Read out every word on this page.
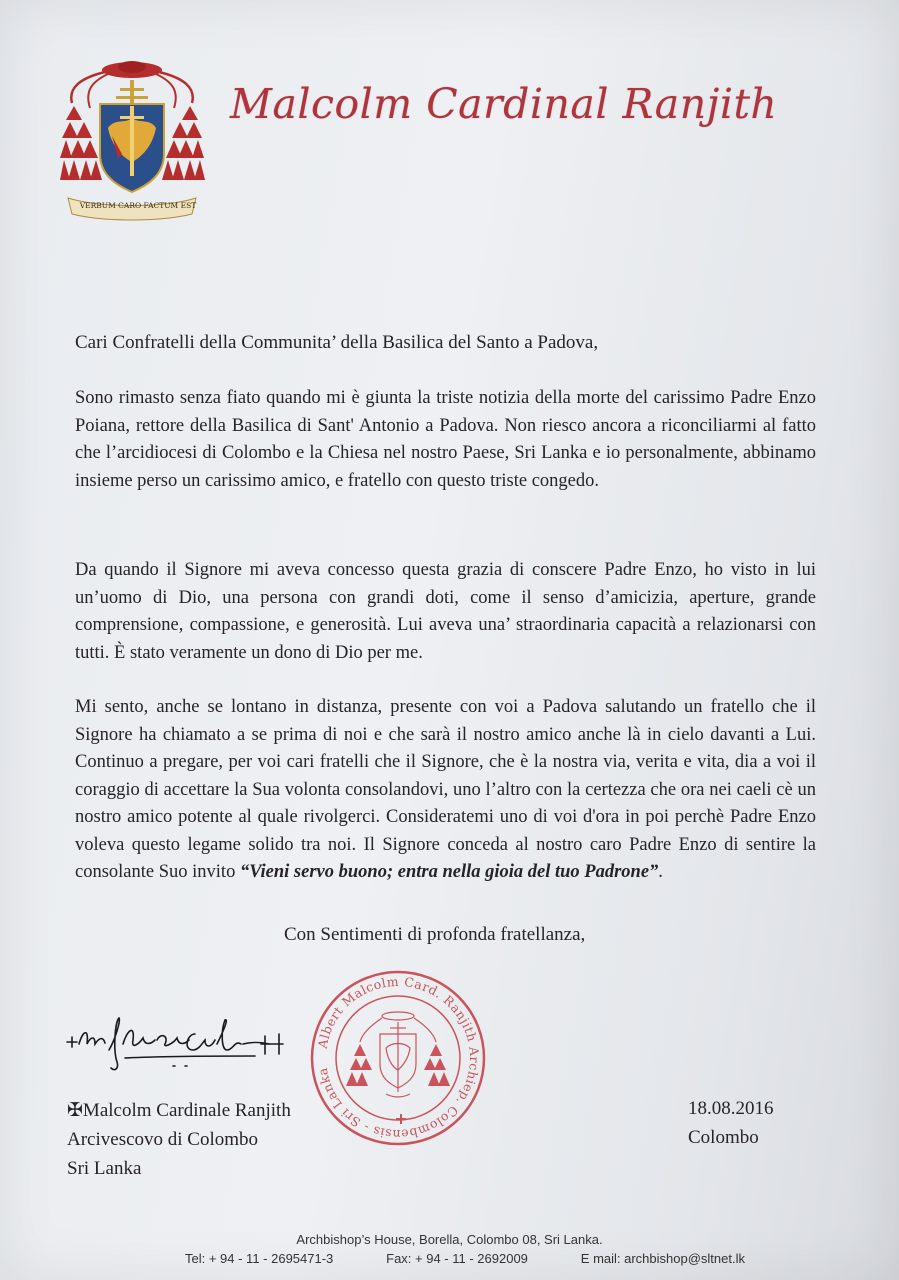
VERBUM CARO FACTUM EST
Malcolm Cardinal Ranjith
Cari Confratelli della Communita’ della Basilica del Santo a Padova,

Sono rimasto senza fiato quando mi è giunta la triste notizia della morte del carissimo Padre Enzo Poiana, rettore della Basilica di Sant' Antonio a Padova. Non riesco ancora a riconciliarmi al fatto che l’arcidiocesi di Colombo e la Chiesa nel nostro Paese, Sri Lanka e io personalmente, abbinamo insieme perso un carissimo amico, e fratello con questo triste congedo.

Da quando il Signore mi aveva concesso questa grazia di conscere Padre Enzo, ho visto in lui un’uomo di Dio, una persona con grandi doti, come il senso d’amicizia, aperture, grande comprensione, compassione, e generosità. Lui aveva una’ straordinaria capacità a relazionarsi con tutti. È stato veramente un dono di Dio per me.

Mi sento, anche se lontano in distanza, presente con voi a Padova salutando un fratello che il Signore ha chiamato a se prima di noi e che sarà il nostro amico anche là in cielo davanti a Lui. Continuo a pregare, per voi cari fratelli che il Signore, che è la nostra via, verita e vita, dia a voi il coraggio di accettare la Sua volonta consolandovi, uno l’altro con la certezza che ora nei caeli cè un nostro amico potente al quale rivolgerci. Consideratemi uno di voi d'ora in poi perchè Padre Enzo voleva questo legame solido tra noi. Il Signore conceda al nostro caro Padre Enzo di sentire la consolante Suo invito “Vieni servo buono; entra nella gioia del tuo Padrone”.

Con Sentimenti di profonda fratellanza,
Albert Malcolm Card. Ranjith Archiep. Colombensis - Sri Lanka
✠Malcolm Cardinale Ranjith
Arcivescovo di Colombo
Sri Lanka
18.08.2016
Colombo
Archbishop’s House, Borella, Colombo 08, Sri Lanka.
Tel: + 94 - 11 - 2695471-3	Fax: + 94 - 11 - 2692009	E mail: archbishop@sltnet.lk
